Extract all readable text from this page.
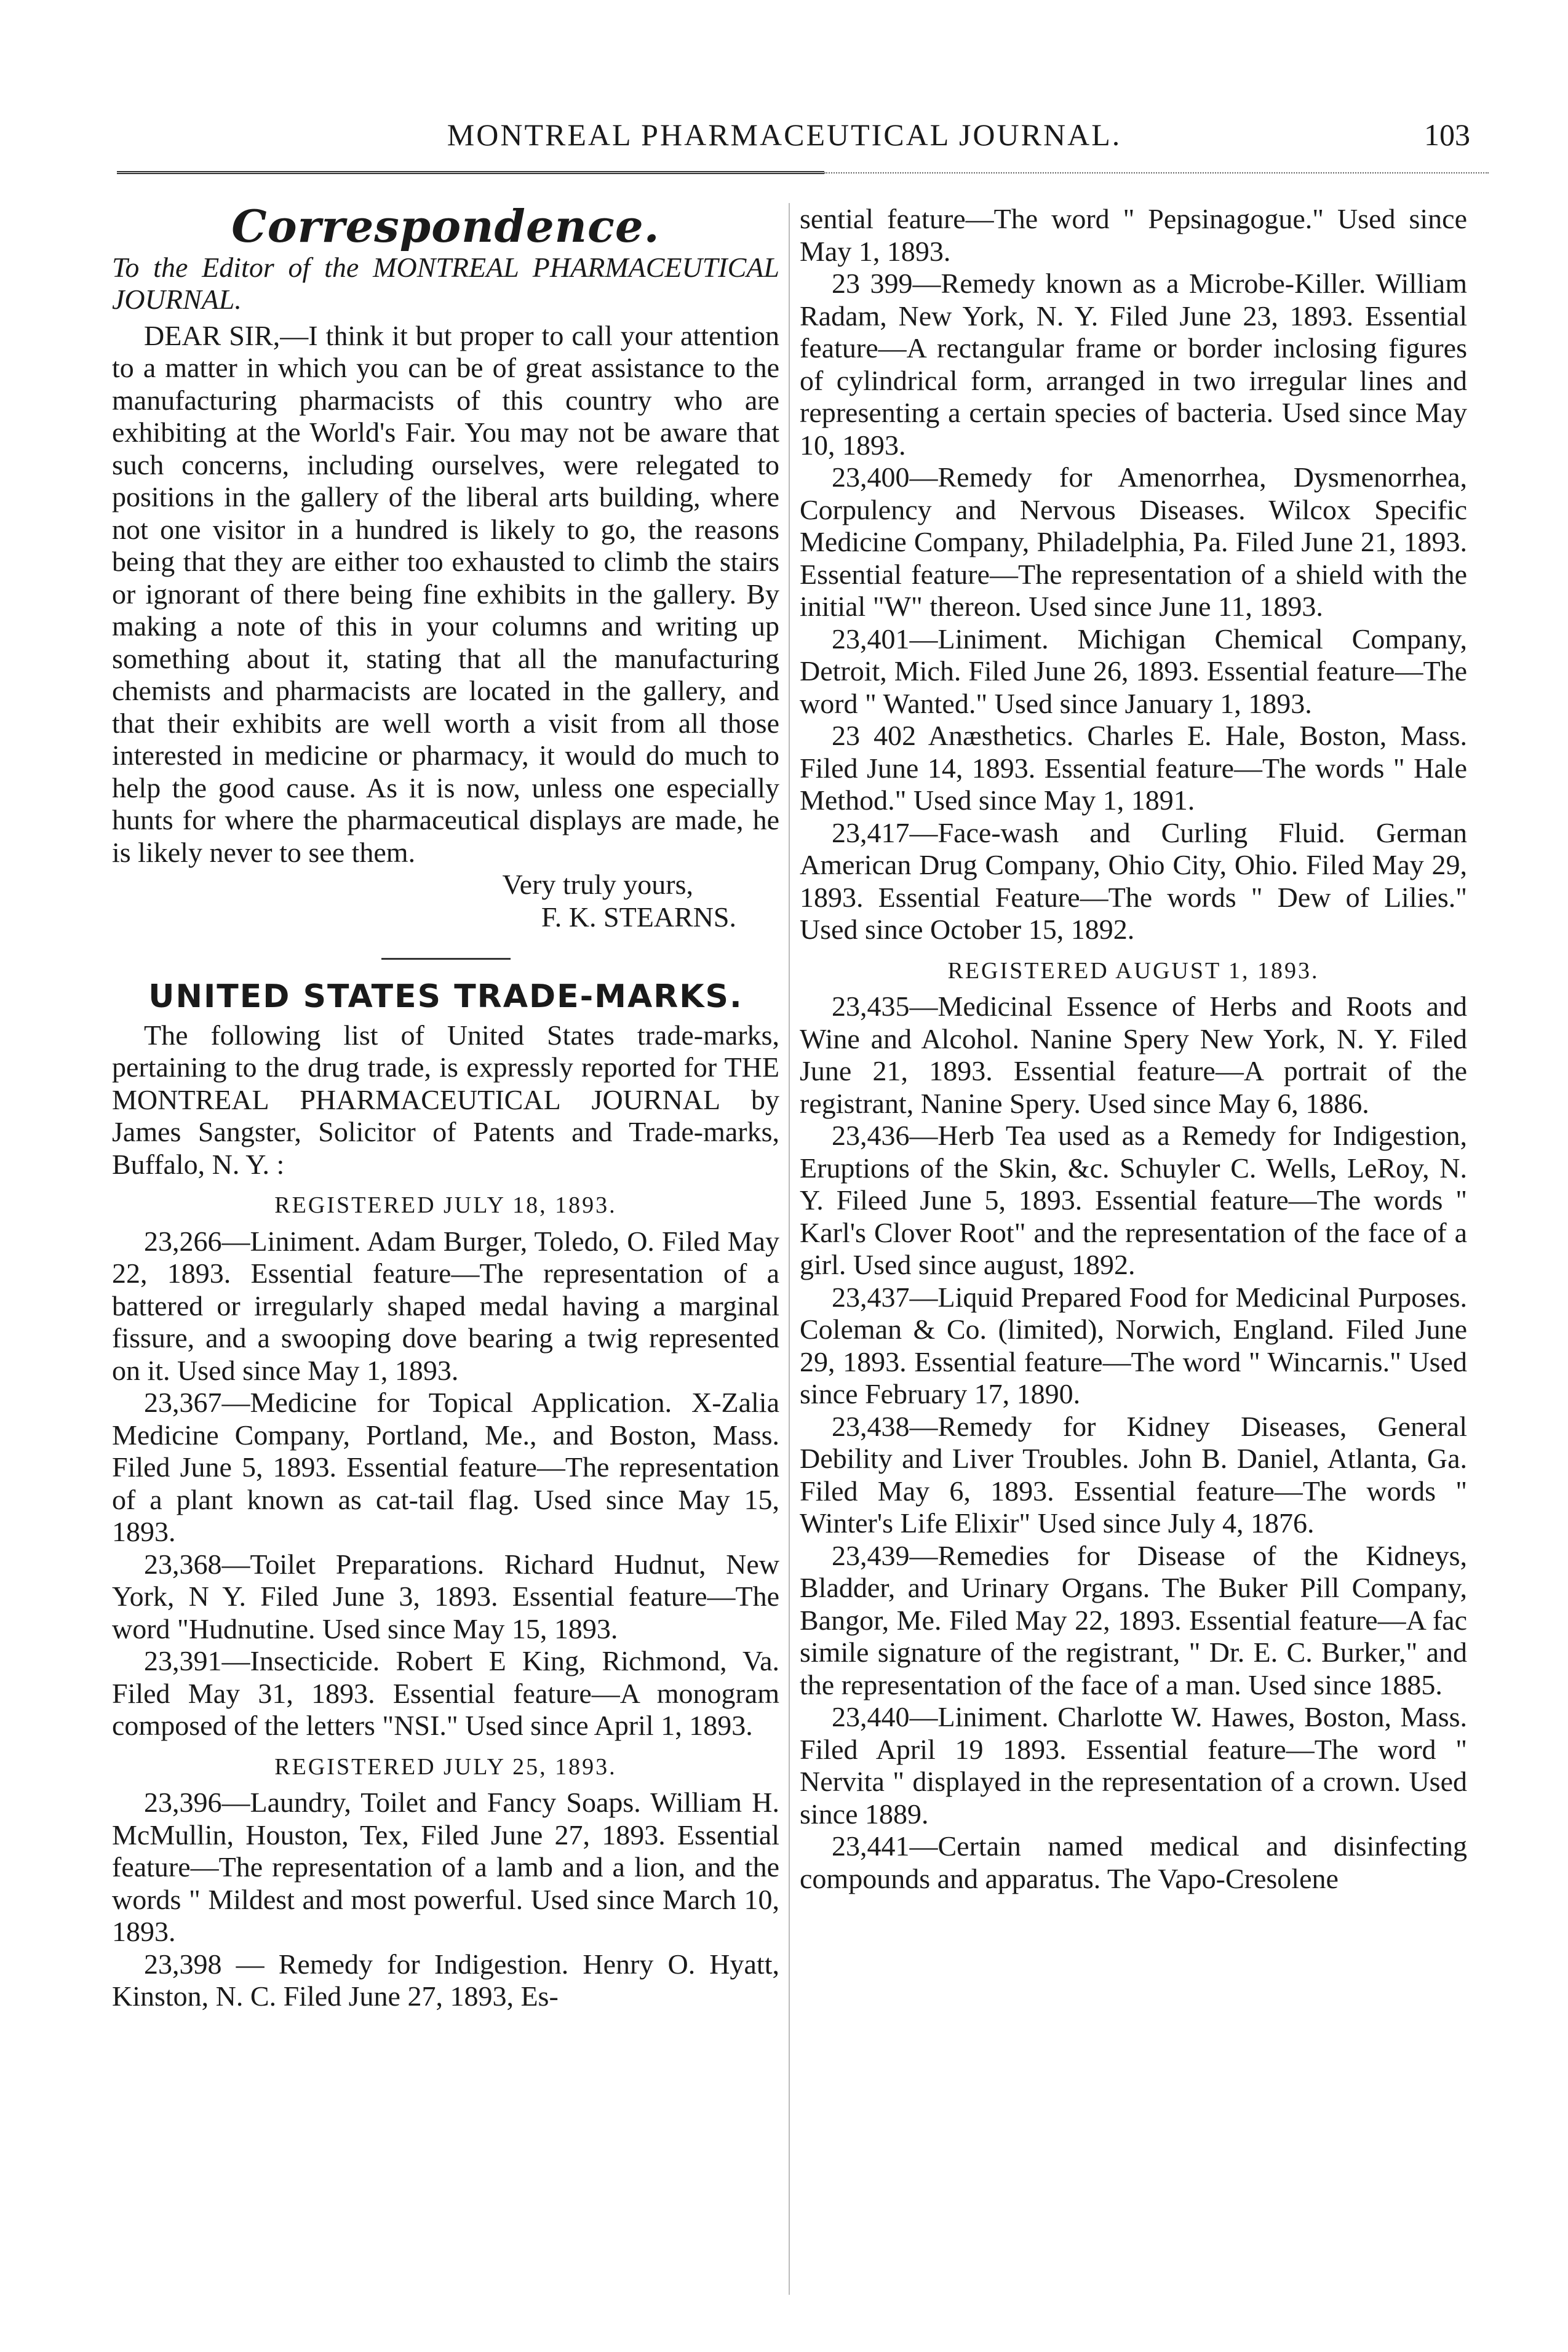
MONTREAL PHARMACEUTICAL JOURNAL.	103
Correspondence.

To the Editor of the MONTREAL PHARMACEUTICAL JOURNAL.

DEAR SIR,—I think it but proper to call your attention to a matter in which you can be of great assistance to the manufacturing pharmacists of this country who are exhibiting at the World's Fair. You may not be aware that such concerns, including ourselves, were relegated to positions in the gallery of the liberal arts building, where not one visitor in a hundred is likely to go, the reasons being that they are either too exhausted to climb the stairs or ignorant of there being fine exhibits in the gallery. By making a note of this in your columns and writing up something about it, stating that all the manufacturing chemists and pharmacists are located in the gallery, and that their exhibits are well worth a visit from all those interested in medicine or pharmacy, it would do much to help the good cause. As it is now, unless one especially hunts for where the pharmaceutical displays are made, he is likely never to see them.

Very truly yours,

F. K. STEARNS.

UNITED STATES TRADE-MARKS.

The following list of United States trade-marks, pertaining to the drug trade, is expressly reported for THE MONTREAL PHARMACEUTICAL JOURNAL by James Sangster, Solicitor of Patents and Trade-marks, Buffalo, N. Y. :

REGISTERED JULY 18, 1893.

23,266—Liniment. Adam Burger, Toledo, O. Filed May 22, 1893. Essential feature—The representation of a battered or irregularly shaped medal having a marginal fissure, and a swooping dove bearing a twig represented on it. Used since May 1, 1893.

23,367—Medicine for Topical Application. X-Zalia Medicine Company, Portland, Me., and Boston, Mass. Filed June 5, 1893. Essential feature—The representation of a plant known as cat-tail flag. Used since May 15, 1893.

23,368—Toilet Preparations. Richard Hudnut, New York, N Y. Filed June 3, 1893. Essential feature—The word "Hudnutine. Used since May 15, 1893.

23,391—Insecticide. Robert E King, Richmond, Va. Filed May 31, 1893. Essential feature—A monogram composed of the letters "NSI." Used since April 1, 1893.

REGISTERED JULY 25, 1893.

23,396—Laundry, Toilet and Fancy Soaps. William H. McMullin, Houston, Tex, Filed June 27, 1893. Essential feature—The representation of a lamb and a lion, and the words " Mildest and most powerful. Used since March 10, 1893.

23,398 — Remedy for Indigestion. Henry O. Hyatt, Kinston, N. C. Filed June 27, 1893, Es-

sential feature—The word " Pepsinagogue." Used since May 1, 1893.

23 399—Remedy known as a Microbe-Killer. William Radam, New York, N. Y. Filed June 23, 1893. Essential feature—A rectangular frame or border inclosing figures of cylindrical form, arranged in two irregular lines and representing a certain species of bacteria. Used since May 10, 1893.

23,400—Remedy for Amenorrhea, Dysmenorrhea, Corpulency and Nervous Diseases. Wilcox Specific Medicine Company, Philadelphia, Pa. Filed June 21, 1893. Essential feature—The representation of a shield with the initial "W" thereon. Used since June 11, 1893.

23,401—Liniment. Michigan Chemical Company, Detroit, Mich. Filed June 26, 1893. Essential feature—The word " Wanted." Used since January 1, 1893.

23 402 Anæsthetics. Charles E. Hale, Boston, Mass. Filed June 14, 1893. Essential feature—The words " Hale Method." Used since May 1, 1891.

23,417—Face-wash and Curling Fluid. German American Drug Company, Ohio City, Ohio. Filed May 29, 1893. Essential Feature—The words " Dew of Lilies." Used since October 15, 1892.

REGISTERED AUGUST 1, 1893.

23,435—Medicinal Essence of Herbs and Roots and Wine and Alcohol. Nanine Spery New York, N. Y. Filed June 21, 1893. Essential feature—A portrait of the registrant, Nanine Spery. Used since May 6, 1886.

23,436—Herb Tea used as a Remedy for Indigestion, Eruptions of the Skin, &c. Schuyler C. Wells, LeRoy, N. Y. Fileed June 5, 1893. Essential feature—The words " Karl's Clover Root" and the representation of the face of a girl. Used since august, 1892.

23,437—Liquid Prepared Food for Medicinal Purposes. Coleman & Co. (limited), Norwich, England. Filed June 29, 1893. Essential feature—The word " Wincarnis." Used since February 17, 1890.

23,438—Remedy for Kidney Diseases, General Debility and Liver Troubles. John B. Daniel, Atlanta, Ga. Filed May 6, 1893. Essential feature—The words " Winter's Life Elixir" Used since July 4, 1876.

23,439—Remedies for Disease of the Kidneys, Bladder, and Urinary Organs. The Buker Pill Company, Bangor, Me. Filed May 22, 1893. Essential feature—A fac simile signature of the registrant, " Dr. E. C. Burker," and the representation of the face of a man. Used since 1885.

23,440—Liniment. Charlotte W. Hawes, Boston, Mass. Filed April 19 1893. Essential feature—The word " Nervita " displayed in the representation of a crown. Used since 1889.

23,441—Certain named medical and disinfecting compounds and apparatus. The Vapo-Cresolene
